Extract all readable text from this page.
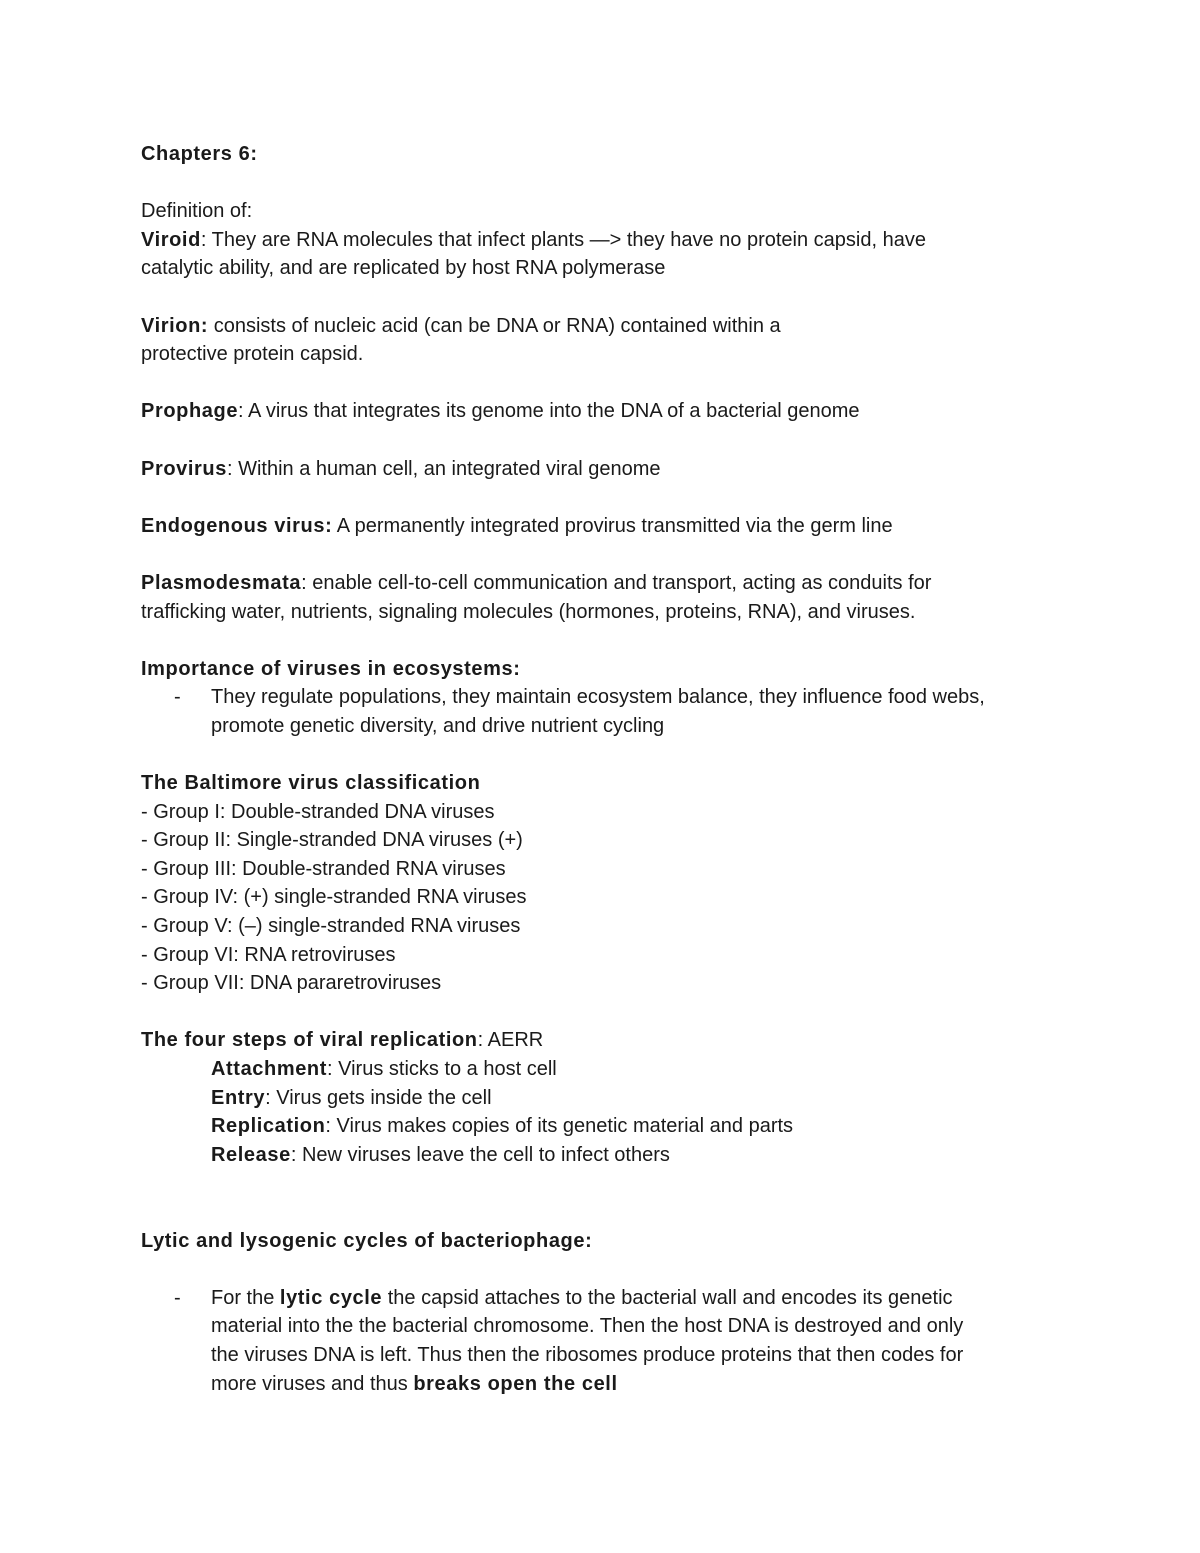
Chapters 6:

Definition of:

Viroid: They are RNA molecules that infect plants —> they have no protein capsid, have

catalytic ability, and are replicated by host RNA polymerase

Virion: consists of nucleic acid (can be DNA or RNA) contained within a

protective protein capsid.

Prophage: A virus that integrates its genome into the DNA of a bacterial genome

Provirus: Within a human cell, an integrated viral genome

Endogenous virus: A permanently integrated provirus transmitted via the germ line

Plasmodesmata: enable cell-to-cell communication and transport, acting as conduits for

trafficking water, nutrients, signaling molecules (hormones, proteins, RNA), and viruses.

Importance of viruses in ecosystems:

- They regulate populations, they maintain ecosystem balance, they influence food webs,

promote genetic diversity, and drive nutrient cycling

The Baltimore virus classification

- Group I: Double-stranded DNA viruses

- Group II: Single-stranded DNA viruses (+)

- Group III: Double-stranded RNA viruses

- Group IV: (+) single-stranded RNA viruses

- Group V: (–) single-stranded RNA viruses

- Group VI: RNA retroviruses

- Group VII: DNA pararetroviruses

The four steps of viral replication: AERR

Attachment: Virus sticks to a host cell

Entry: Virus gets inside the cell

Replication: Virus makes copies of its genetic material and parts

Release: New viruses leave the cell to infect others

Lytic and lysogenic cycles of bacteriophage:

- For the lytic cycle the capsid attaches to the bacterial wall and encodes its genetic

material into the the bacterial chromosome. Then the host DNA is destroyed and only

the viruses DNA is left. Thus then the ribosomes produce proteins that then codes for

more viruses and thus breaks open the cell
